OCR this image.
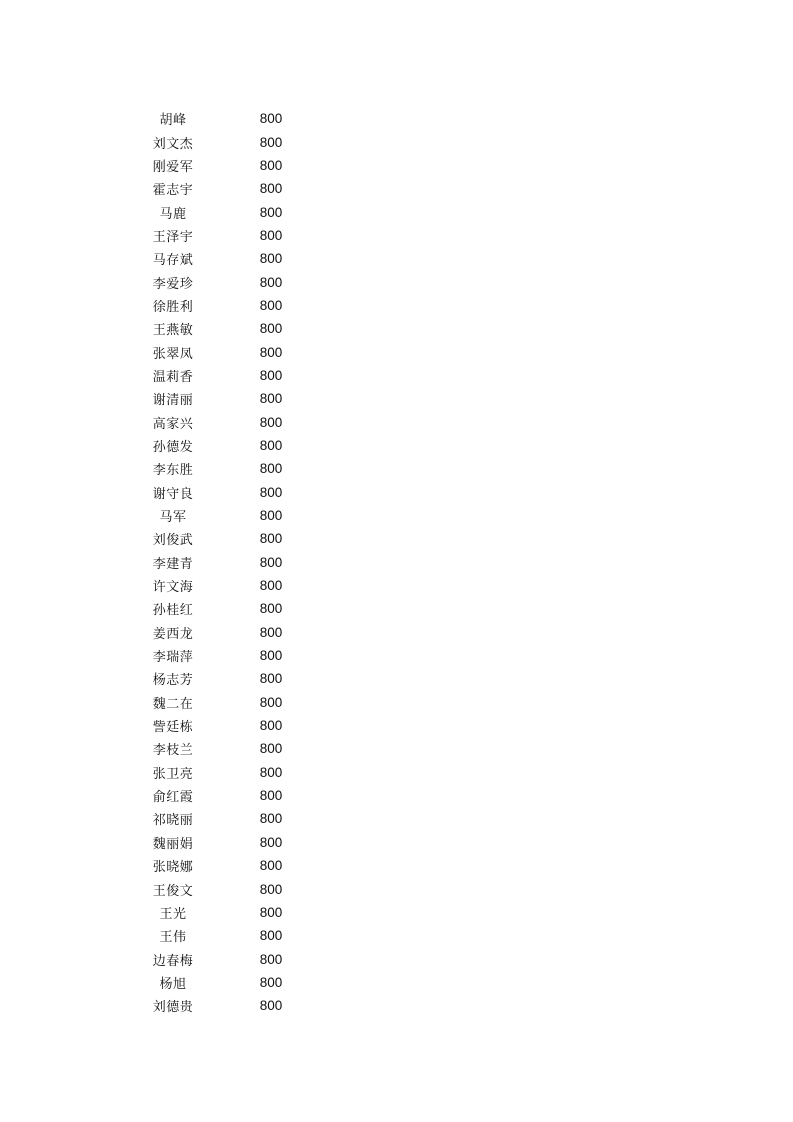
胡峰	800
刘文杰	800
刚爱军	800
霍志宇	800
马鹿	800
王泽宇	800
马存斌	800
李爱珍	800
徐胜利	800
王燕敏	800
张翠凤	800
温莉香	800
谢清丽	800
高家兴	800
孙德发	800
李东胜	800
谢守良	800
马军	800
刘俊武	800
李建青	800
许文海	800
孙桂红	800
姜西龙	800
李瑞萍	800
杨志芳	800
魏二在	800
訾廷栋	800
李枝兰	800
张卫亮	800
俞红霞	800
祁晓丽	800
魏丽娟	800
张晓娜	800
王俊文	800
王光	800
王伟	800
边春梅	800
杨旭	800
刘德贵	800
